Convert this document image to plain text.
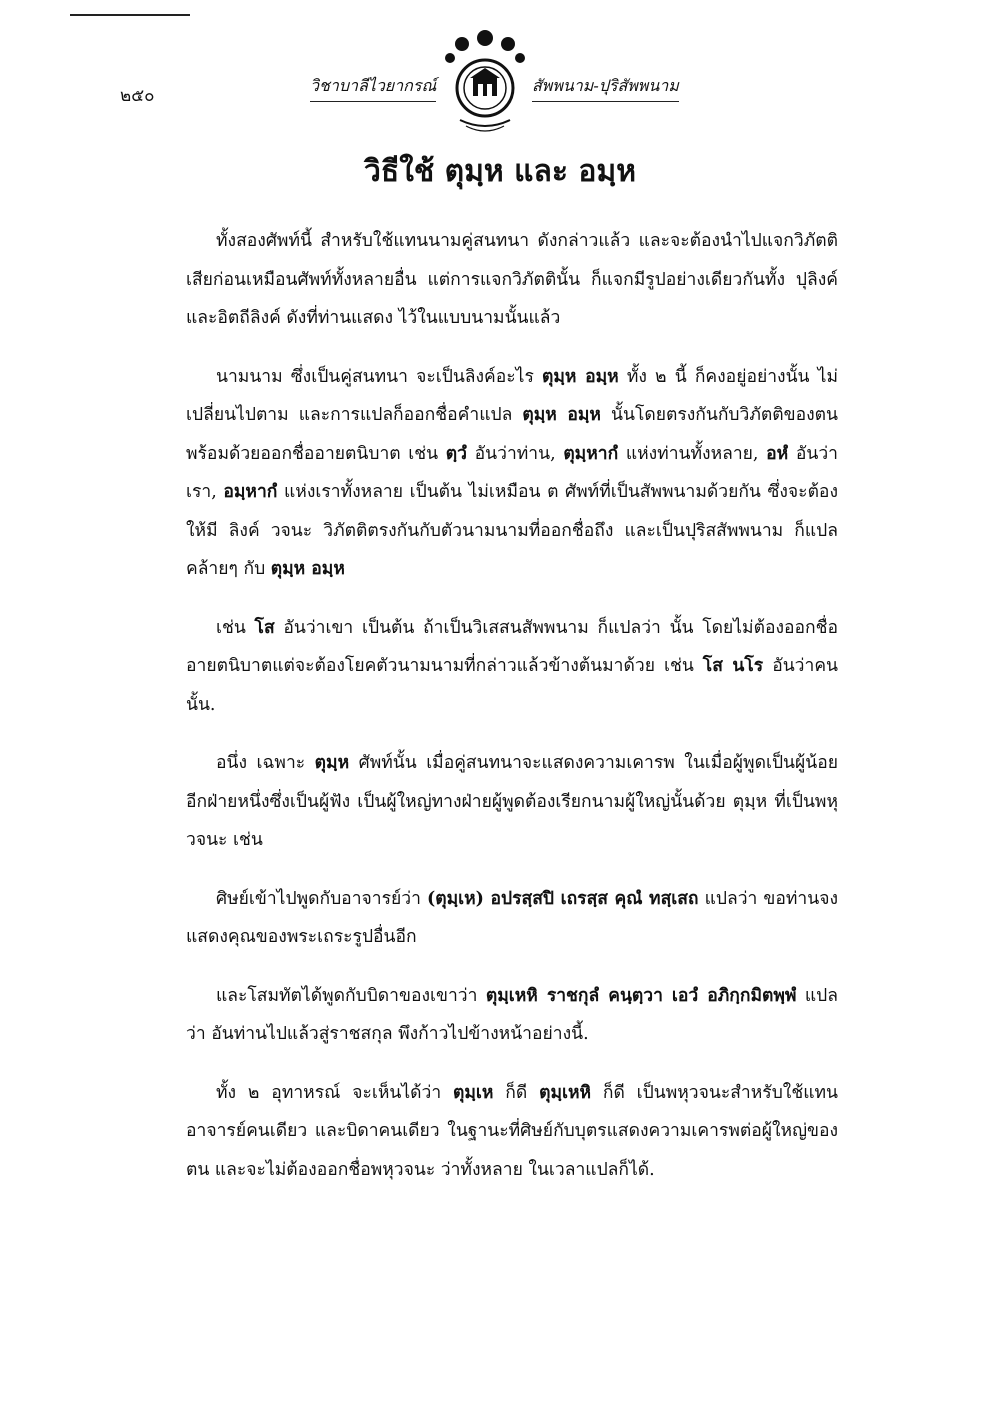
๒๕๐
วิชาบาลีไวยากรณ์	สัพพนาม-ปุริสัพพนาม
วิธีใช้ ตุมฺห และ อมฺห

ทั้งสองศัพท์นี้ สำหรับใช้แทนนามคู่สนทนา ดังกล่าวแล้ว และจะต้องนำไปแจกวิภัตติเสียก่อนเหมือนศัพท์ทั้งหลายอื่น แต่การแจกวิภัตตินั้น ก็แจกมีรูปอย่างเดียวกันทั้ง ปุลิงค์ และอิตถีลิงค์ ดังที่ท่านแสดง ไว้ในแบบนามนั้นแล้ว

นามนาม ซึ่งเป็นคู่สนทนา จะเป็นลิงค์อะไร ตุมฺห อมฺห ทั้ง ๒ นี้ ก็คงอยู่อย่างนั้น ไม่เปลี่ยนไปตาม และการแปลก็ออกชื่อคำแปล ตุมฺห อมฺห นั้นโดยตรงกันกับวิภัตติของตน พร้อมด้วยออกชื่ออายตนิบาต เช่น ตฺวํ อันว่าท่าน, ตุมฺหากํ แห่งท่านทั้งหลาย, อหํ อันว่าเรา, อมฺหากํ แห่งเราทั้งหลาย เป็นต้น ไม่เหมือน ต ศัพท์ที่เป็นสัพพนามด้วยกัน ซึ่งจะต้องให้มี ลิงค์ วจนะ วิภัตติตรงกันกับตัวนามนามที่ออกชื่อถึง และเป็นปุริสสัพพนาม ก็แปลคล้ายๆ กับ ตุมฺห อมฺห

เช่น โส อันว่าเขา เป็นต้น ถ้าเป็นวิเสสนสัพพนาม ก็แปลว่า นั้น โดยไม่ต้องออกชื่ออายตนิบาตแต่จะต้องโยคตัวนามนามที่กล่าวแล้วข้างต้นมาด้วย เช่น โส นโร อันว่าคนนั้น.

อนึ่ง เฉพาะ ตุมฺห ศัพท์นั้น เมื่อคู่สนทนาจะแสดงความเคารพ ในเมื่อผู้พูดเป็นผู้น้อย อีกฝ่ายหนึ่งซึ่งเป็นผู้ฟัง เป็นผู้ใหญ่ทางฝ่ายผู้พูดต้องเรียกนามผู้ใหญ่นั้นด้วย ตุมฺห ที่เป็นพหุวจนะ เช่น

ศิษย์เข้าไปพูดกับอาจารย์ว่า (ตุมฺเห) อปรสฺสปิ เถรสฺส คุณํ ทสฺเสถ แปลว่า ขอท่านจงแสดงคุณของพระเถระรูปอื่นอีก

และโสมทัตได้พูดกับบิดาของเขาว่า ตุมฺเหหิ ราชกุลํ คนฺตฺวา เอวํ อภิกฺกมิตพฺพํ แปลว่า อันท่านไปแล้วสู่ราชสกุล พึงก้าวไปข้างหน้าอย่างนี้.

ทั้ง ๒ อุทาหรณ์ จะเห็นได้ว่า ตุมฺเห ก็ดี ตุมฺเหหิ ก็ดี เป็นพหุวจนะสำหรับใช้แทนอาจารย์คนเดียว และบิดาคนเดียว ในฐานะที่ศิษย์กับบุตรแสดงความเคารพต่อผู้ใหญ่ของตน และจะไม่ต้องออกชื่อพหุวจนะ ว่าทั้งหลาย ในเวลาแปลก็ได้.
